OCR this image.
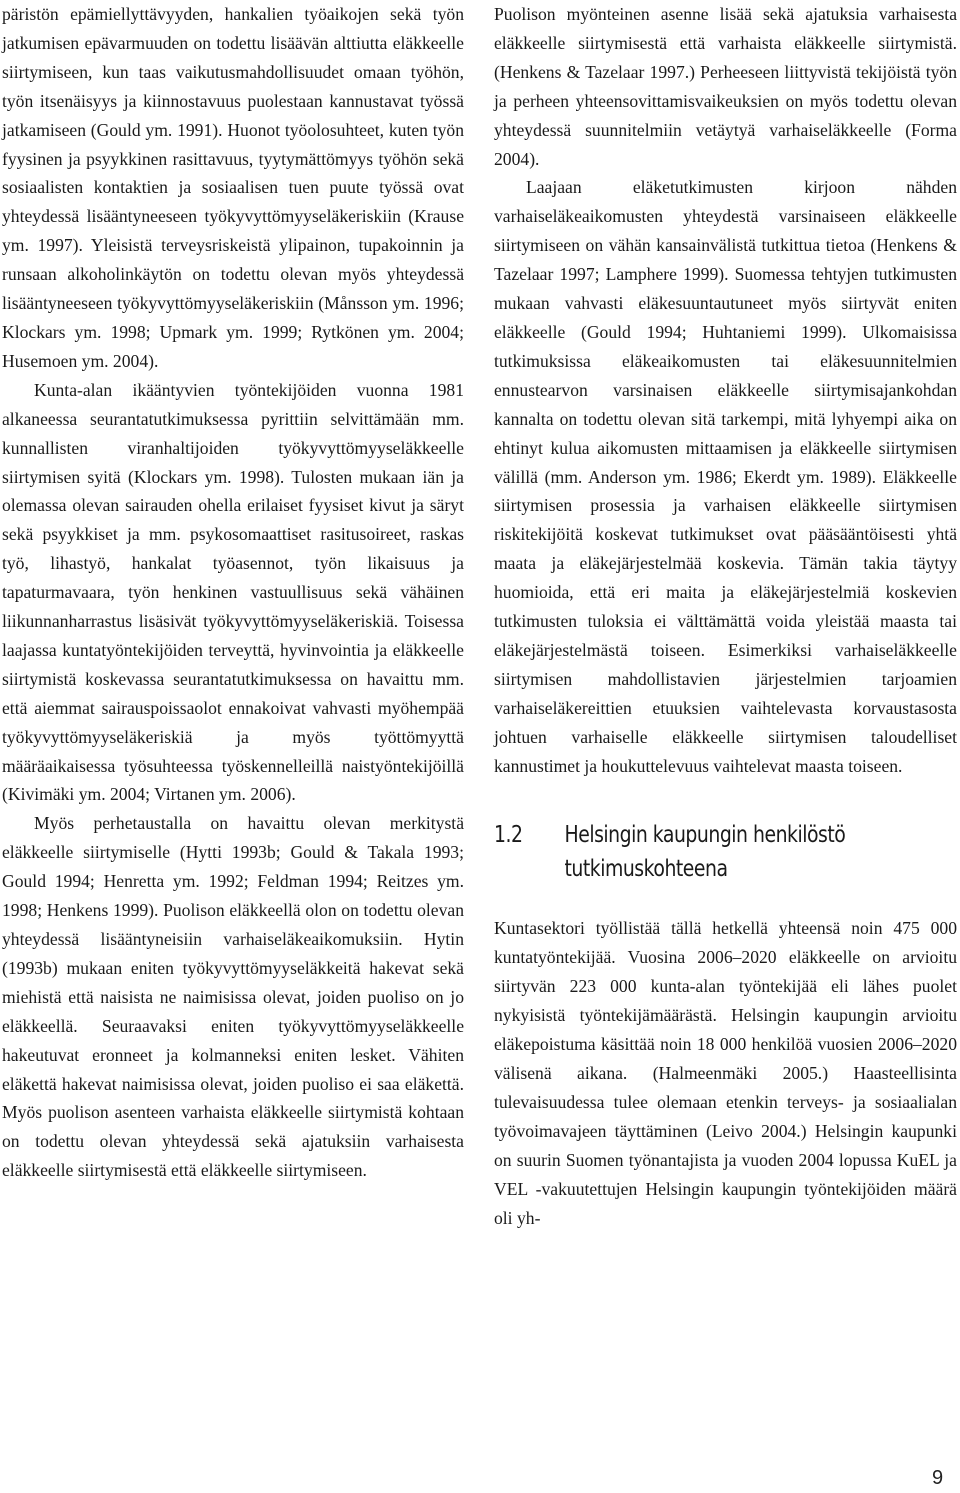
päristön epämiellyttävyyden, hankalien työaikojen sekä työn jatkumisen epävarmuuden on todettu lisäävän alttiutta eläkkeelle siirtymiseen, kun taas vaikutusmahdollisuudet omaan työhön, työn itsenäisyys ja kiinnostavuus puolestaan kannustavat työssä jatkamiseen (Gould ym. 1991). Huonot työolosuhteet, kuten työn fyysinen ja psyykkinen rasittavuus, tyytymättömyys työhön sekä sosiaalisten kontaktien ja sosiaalisen tuen puute työssä ovat yhteydessä lisääntyneeseen työkyvyttömyyseläkeriskiin (Krause ym. 1997). Yleisistä terveysriskeistä ylipainon, tupakoinnin ja runsaan alkoholinkäytön on todettu olevan myös yhteydessä lisääntyneeseen työkyvyttömyyseläkeriskiin (Månsson ym. 1996; Klockars ym. 1998; Upmark ym. 1999; Rytkönen ym. 2004; Husemoen ym. 2004).

Kunta-alan ikääntyvien työntekijöiden vuonna 1981 alkaneessa seurantatutkimuksessa pyrittiin selvittämään mm. kunnallisten viranhaltijoiden työkyvyttömyyseläkkeelle siirtymisen syitä (Klockars ym. 1998). Tulosten mukaan iän ja olemassa olevan sairauden ohella erilaiset fyysiset kivut ja säryt sekä psyykkiset ja mm. psykosomaattiset rasitusoireet, raskas työ, lihastyö, hankalat työasennot, työn likaisuus ja tapaturmavaara, työn henkinen vastuullisuus sekä vähäinen liikunnanharrastus lisäsivät työkyvyttömyyseläkeriskiä. Toisessa laajassa kuntatyöntekijöiden terveyttä, hyvinvointia ja eläkkeelle siirtymistä koskevassa seurantatutkimuksessa on havaittu mm. että aiemmat sairauspoissaolot ennakoivat vahvasti myöhempää työkyvyttömyyseläkeriskiä ja myös työttömyyttä määräaikaisessa työsuhteessa työskennelleillä naistyöntekijöillä (Kivimäki ym. 2004; Virtanen ym. 2006).

Myös perhetaustalla on havaittu olevan merkitystä eläkkeelle siirtymiselle (Hytti 1993b; Gould & Takala 1993; Gould 1994; Henretta ym. 1992; Feldman 1994; Reitzes ym. 1998; Henkens 1999). Puolison eläkkeellä olon on todettu olevan yhteydessä lisääntyneisiin varhaiseläkeaikomuksiin. Hytin (1993b) mukaan eniten työkyvyttömyyseläkkeitä hakevat sekä miehistä että naisista ne naimisissa olevat, joiden puoliso on jo eläkkeellä. Seuraavaksi eniten työkyvyttömyyseläkkeelle hakeutuvat eronneet ja kolmanneksi eniten lesket. Vähiten eläkettä hakevat naimisissa olevat, joiden puoliso ei saa eläkettä. Myös puolison asenteen varhaista eläkkeelle siirtymistä kohtaan on todettu olevan yhteydessä sekä ajatuksiin varhaisesta eläkkeelle siirtymisestä että eläkkeelle siirtymiseen.

Puolison myönteinen asenne lisää sekä ajatuksia varhaisesta eläkkeelle siirtymisestä että varhaista eläkkeelle siirtymistä. (Henkens & Tazelaar 1997.) Perheeseen liittyvistä tekijöistä työn ja perheen yhteensovittamisvaikeuksien on myös todettu olevan yhteydessä suunnitelmiin vetäytyä varhaiseläkkeelle (Forma 2004).

Laajaan eläketutkimusten kirjoon nähden varhaiseläkeaikomusten yhteydestä varsinaiseen eläkkeelle siirtymiseen on vähän kansainvälistä tutkittua tietoa (Henkens & Tazelaar 1997; Lamphere 1999). Suomessa tehtyjen tutkimusten mukaan vahvasti eläkesuuntautuneet myös siirtyvät eniten eläkkeelle (Gould 1994; Huhtaniemi 1999). Ulkomaisissa tutkimuksissa eläkeaikomusten tai eläkesuunnitelmien ennustearvon varsinaisen eläkkeelle siirtymisajankohdan kannalta on todettu olevan sitä tarkempi, mitä lyhyempi aika on ehtinyt kulua aikomusten mittaamisen ja eläkkeelle siirtymisen välillä (mm. Anderson ym. 1986; Ekerdt ym. 1989). Eläkkeelle siirtymisen prosessia ja varhaisen eläkkeelle siirtymisen riskitekijöitä koskevat tutkimukset ovat pääsääntöisesti yhtä maata ja eläkejärjestelmää koskevia. Tämän takia täytyy huomioida, että eri maita ja eläkejärjestelmiä koskevien tutkimusten tuloksia ei välttämättä voida yleistää maasta tai eläkejärjestelmästä toiseen. Esimerkiksi varhaiseläkkeelle siirtymisen mahdollistavien järjestelmien tarjoamien varhaiseläkereittien etuuksien vaihtelevasta korvaustasosta johtuen varhaiselle eläkkeelle siirtymisen taloudelliset kannustimet ja houkuttelevuus vaihtelevat maasta toiseen.

1.2	Helsingin kaupungin henkilöstö tutkimuskohteena

Kuntasektori työllistää tällä hetkellä yhteensä noin 475 000 kuntatyöntekijää. Vuosina 2006–2020 eläkkeelle on arvioitu siirtyvän 223 000 kunta-alan työntekijää eli lähes puolet nykyisistä työntekijämäärästä. Helsingin kaupungin arvioitu eläkepoistuma käsittää noin 18 000 henkilöä vuosien 2006–2020 välisenä aikana. (Halmeenmäki 2005.) Haasteellisinta tulevaisuudessa tulee olemaan etenkin terveys- ja sosiaalialan työvoimavajeen täyttäminen (Leivo 2004.) Helsingin kaupunki on suurin Suomen työnantajista ja vuoden 2004 lopussa KuEL ja VEL -vakuutettujen Helsingin kaupungin työntekijöiden määrä oli yh-

9
